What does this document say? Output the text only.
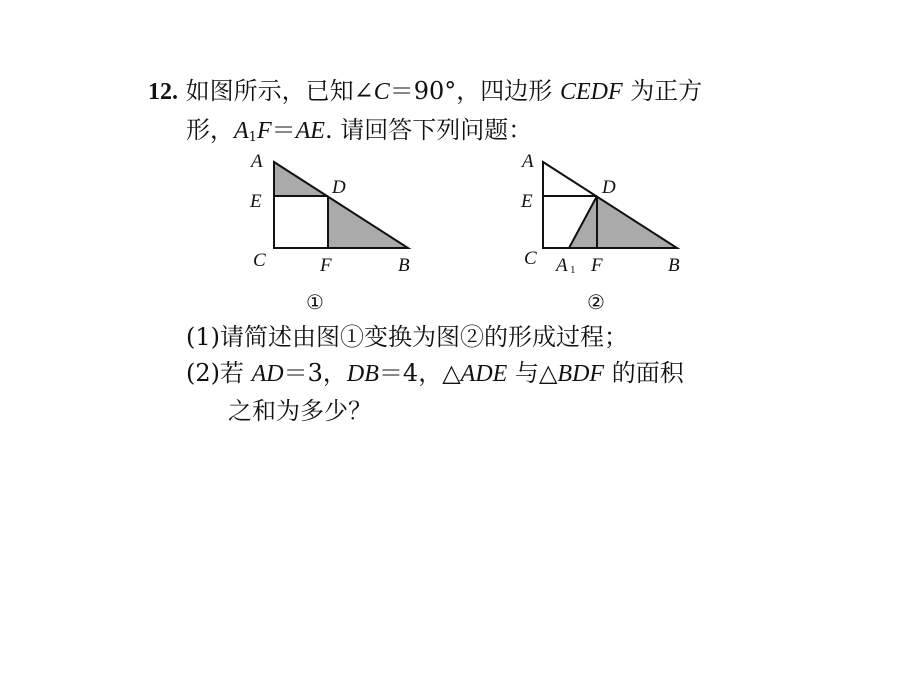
12. 如图所示，已知∠C＝90°，四边形 CEDF 为正方
形，$A_1F=AE$. 请回答下列问题：
A
E
D
C	F	B
①
A
E
D
C A 1 F	B
②
(1)请简述由图①变换为图②的形成过程；
(2)若 AD＝3，DB＝4，△ADE 与△BDF 的面积
之和为多少？
